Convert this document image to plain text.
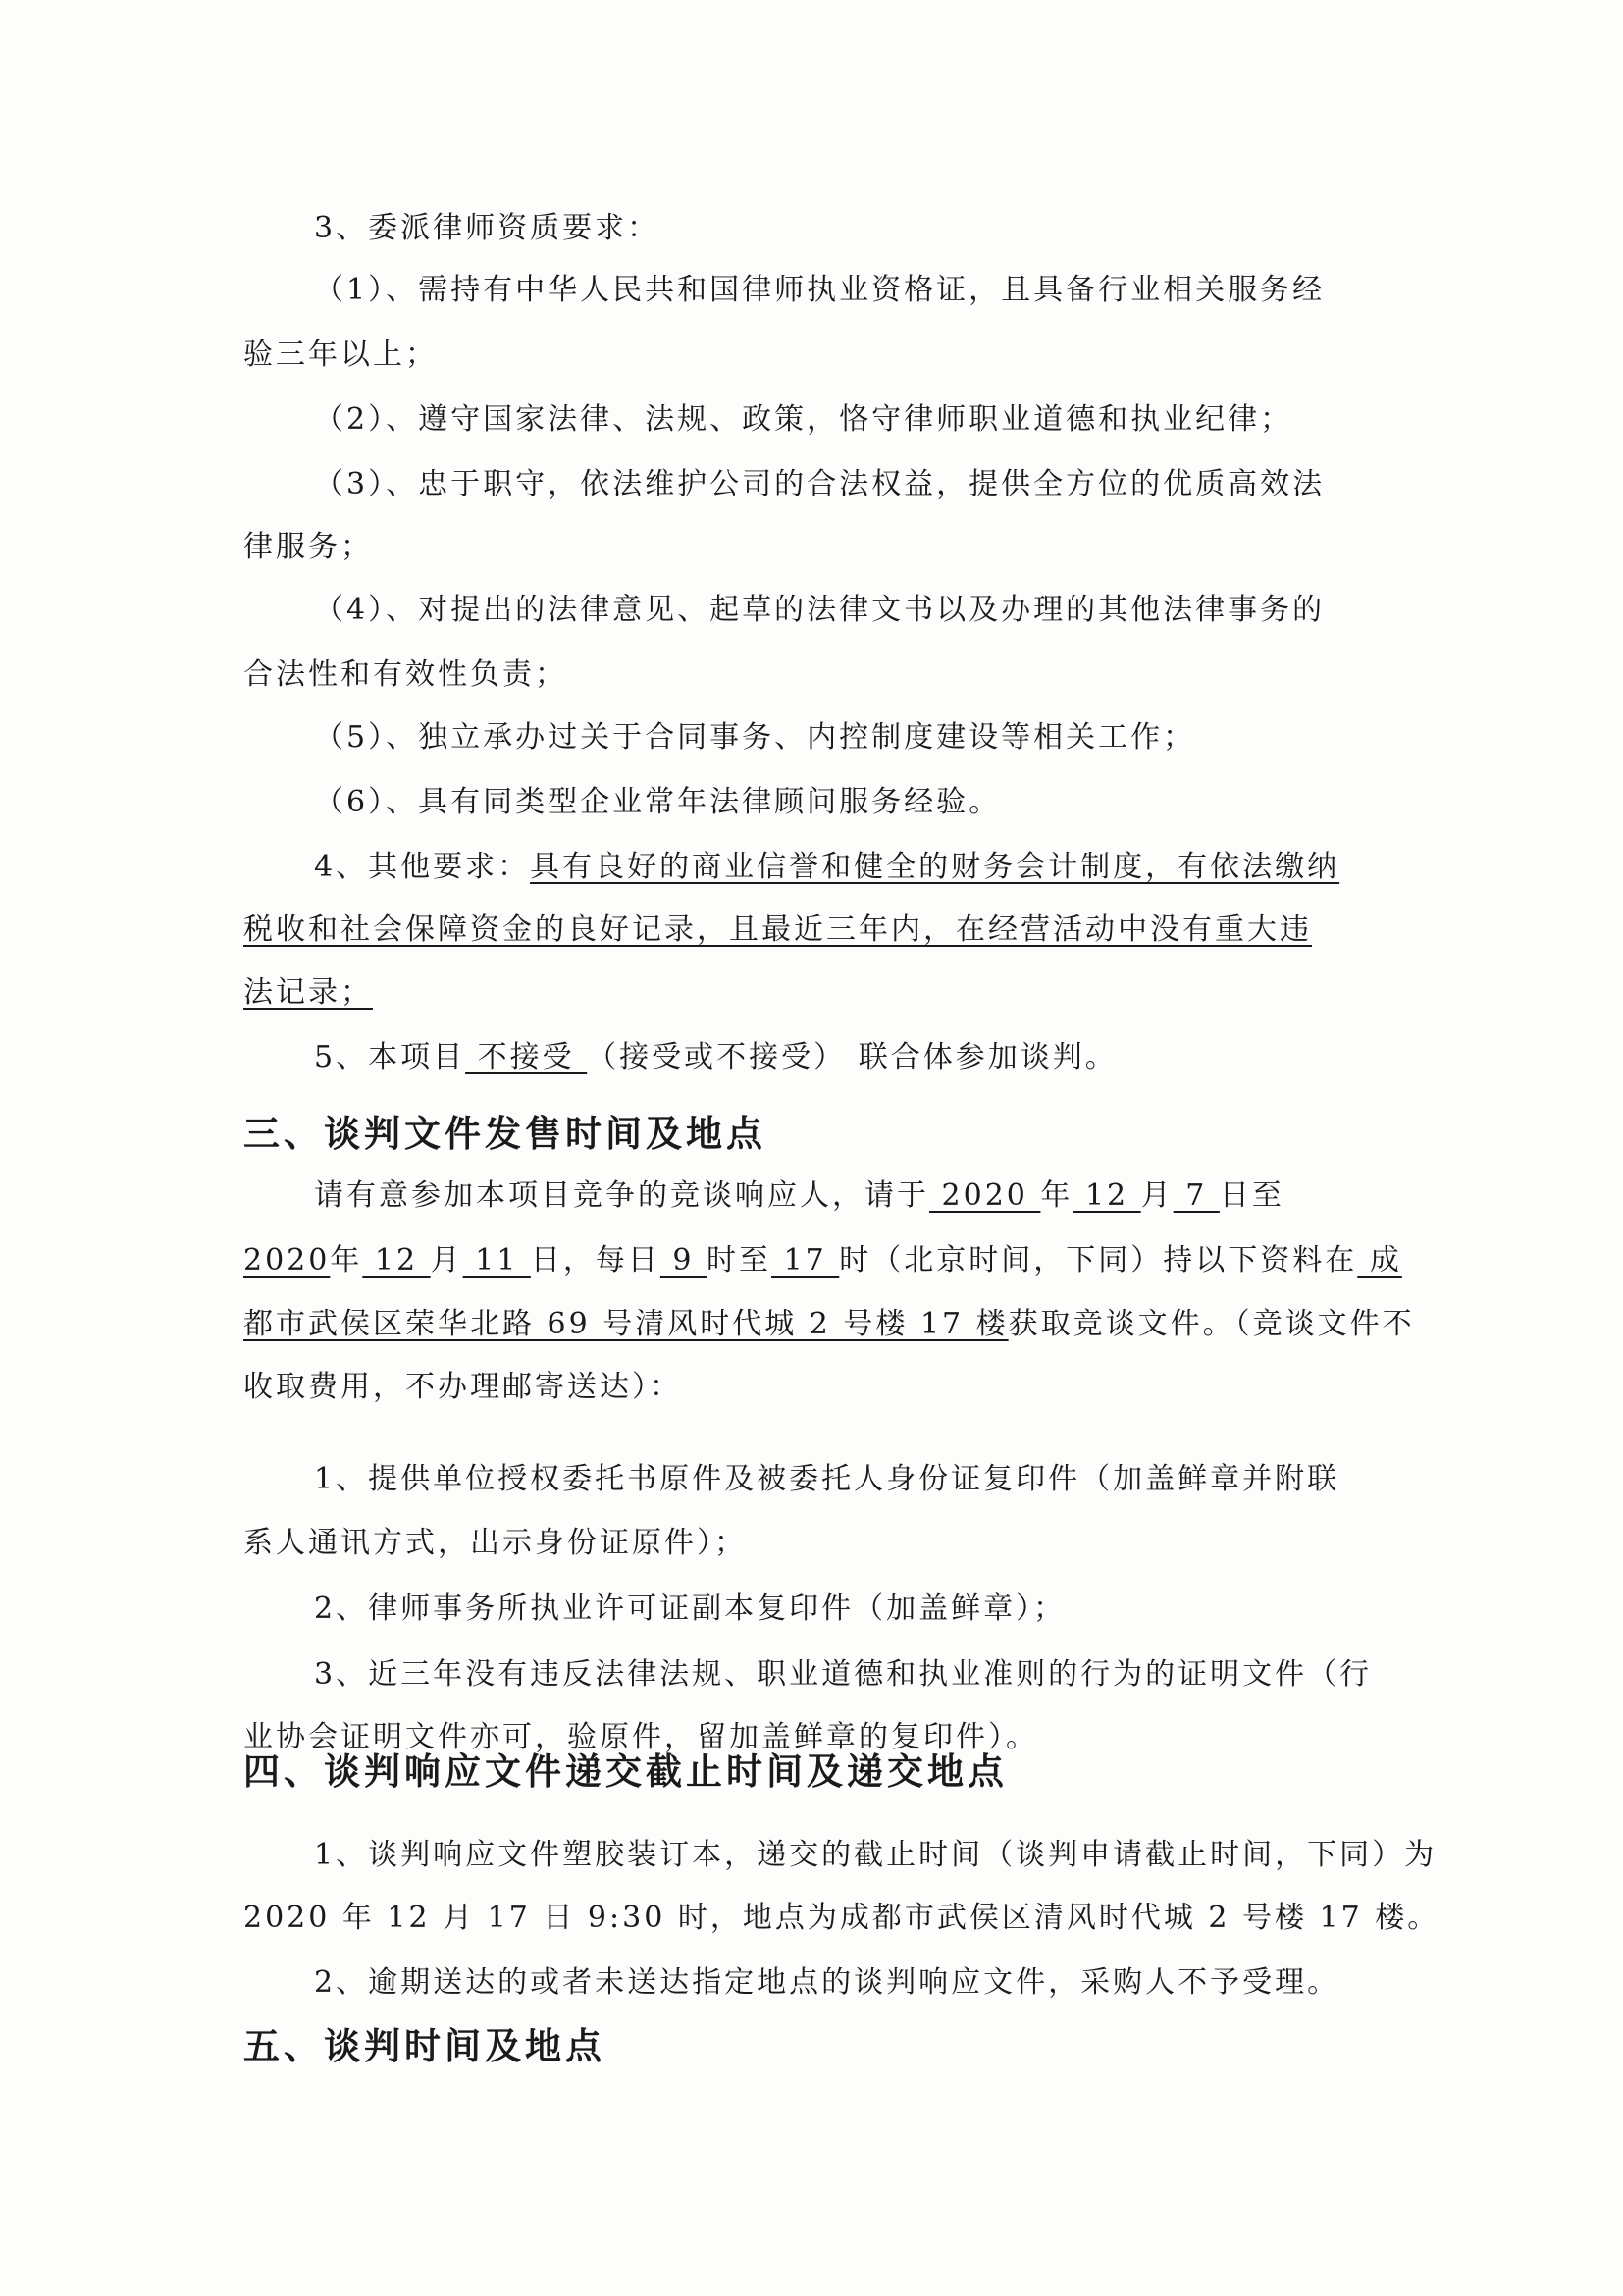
3、委派律师资质要求：
（1）、需持有中华人民共和国律师执业资格证，且具备行业相关服务经
验三年以上；
（2）、遵守国家法律、法规、政策，恪守律师职业道德和执业纪律；
（3）、忠于职守，依法维护公司的合法权益，提供全方位的优质高效法
律服务；
（4）、对提出的法律意见、起草的法律文书以及办理的其他法律事务的
合法性和有效性负责；
（5）、独立承办过关于合同事务、内控制度建设等相关工作；
（6）、具有同类型企业常年法律顾问服务经验。
4、其他要求：具有良好的商业信誉和健全的财务会计制度，有依法缴纳
税收和社会保障资金的良好记录，且最近三年内，在经营活动中没有重大违
法记录；
5、本项目 不接受 （接受或不接受） 联合体参加谈判。
三、谈判文件发售时间及地点
请有意参加本项目竞争的竞谈响应人，请于 2020 年 12 月 7 日至
2020年 12 月 11 日，每日 9 时至 17 时（北京时间，下同）持以下资料在 成
都市武侯区荣华北路 69 号清风时代城 2 号楼 17 楼获取竞谈文件。（竞谈文件不
收取费用，不办理邮寄送达）：
1、提供单位授权委托书原件及被委托人身份证复印件（加盖鲜章并附联
系人通讯方式，出示身份证原件）；
2、律师事务所执业许可证副本复印件（加盖鲜章）；
3、近三年没有违反法律法规、职业道德和执业准则的行为的证明文件（行
业协会证明文件亦可，验原件，留加盖鲜章的复印件）。
四、谈判响应文件递交截止时间及递交地点
1、谈判响应文件塑胶装订本，递交的截止时间（谈判申请截止时间，下同）为
2020 年 12 月 17 日 9:30 时，地点为成都市武侯区清风时代城 2 号楼 17 楼。
2、逾期送达的或者未送达指定地点的谈判响应文件，采购人不予受理。
五、谈判时间及地点
